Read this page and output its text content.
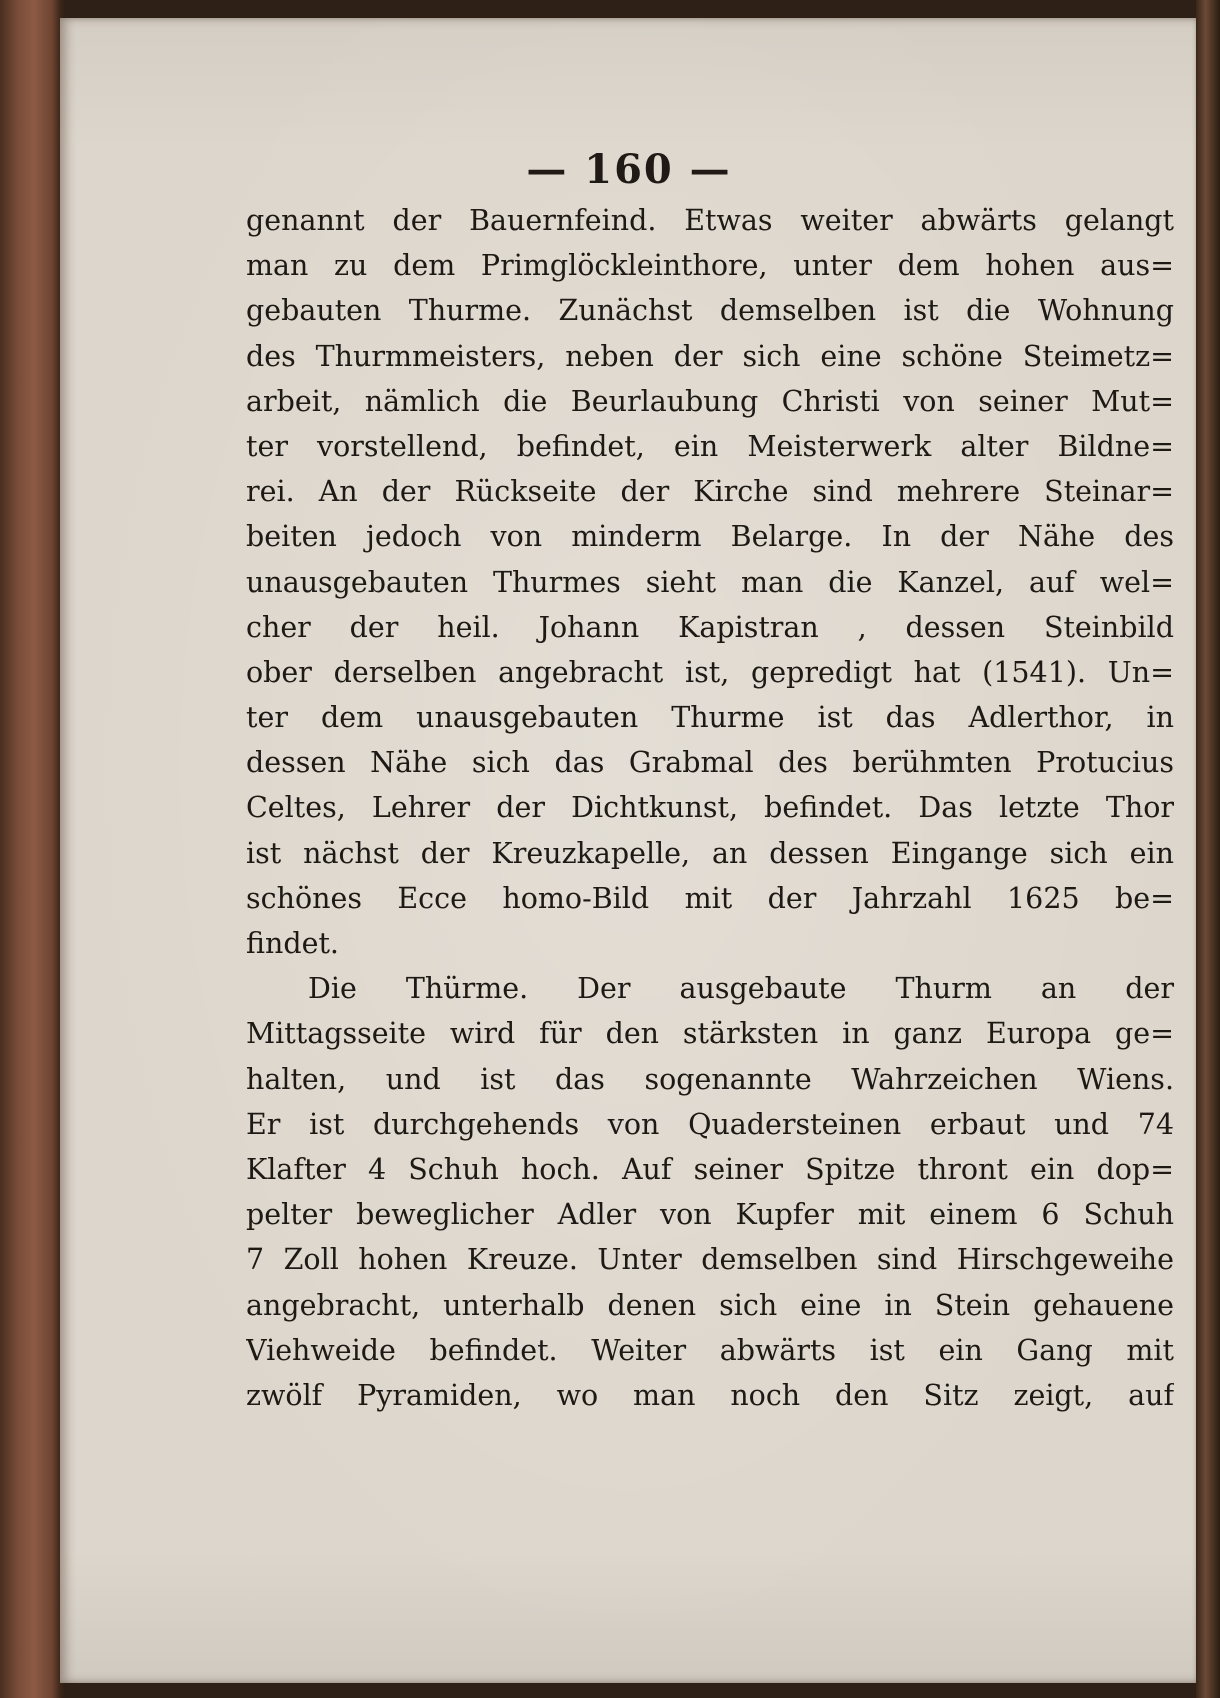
— 160 —
genannt der Bauernfeind. Etwas weiter abwärts gelangt
man zu dem Primglöckleinthore, unter dem hohen aus=
gebauten Thurme. Zunächst demselben ist die Wohnung
des Thurmmeisters, neben der sich eine schöne Steimetz=
arbeit, nämlich die Beurlaubung Christi von seiner Mut=
ter vorstellend, befindet, ein Meisterwerk alter Bildne=
rei. An der Rückseite der Kirche sind mehrere Steinar=
beiten jedoch von minderm Belarge. In der Nähe des
unausgebauten Thurmes sieht man die Kanzel, auf wel=
cher der heil. Johann Kapistran , dessen Steinbild
ober derselben angebracht ist, gepredigt hat (1541). Un=
ter dem unausgebauten Thurme ist das Adlerthor, in
dessen Nähe sich das Grabmal des berühmten Protucius
Celtes, Lehrer der Dichtkunst, befindet. Das letzte Thor
ist nächst der Kreuzkapelle, an dessen Eingange sich ein
schönes Ecce homo-Bild mit der Jahrzahl 1625 be=
findet.
Die Thürme. Der ausgebaute Thurm an der
Mittagsseite wird für den stärksten in ganz Europa ge=
halten, und ist das sogenannte Wahrzeichen Wiens.
Er ist durchgehends von Quadersteinen erbaut und 74
Klafter 4 Schuh hoch. Auf seiner Spitze thront ein dop=
pelter beweglicher Adler von Kupfer mit einem 6 Schuh
7 Zoll hohen Kreuze. Unter demselben sind Hirschgeweihe
angebracht, unterhalb denen sich eine in Stein gehauene
Viehweide befindet. Weiter abwärts ist ein Gang mit
zwölf Pyramiden, wo man noch den Sitz zeigt, auf
